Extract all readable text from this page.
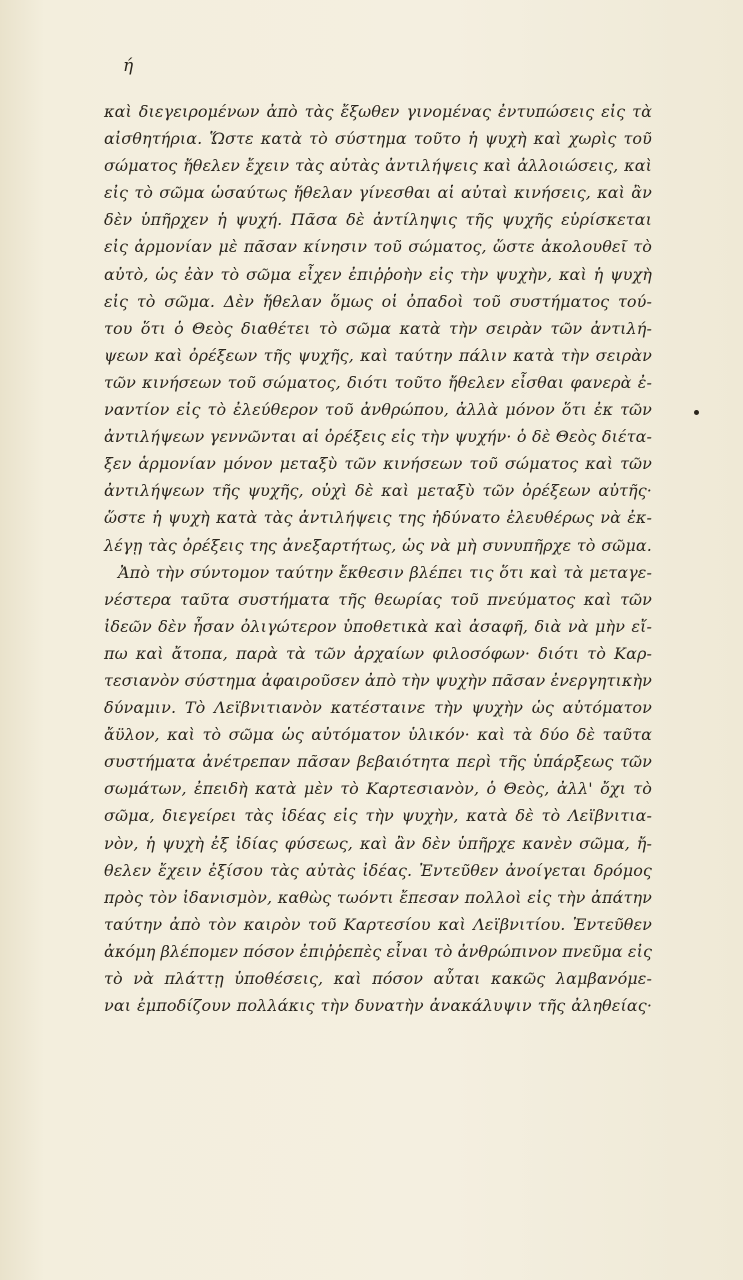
ή
καὶ διεγειρομένων ἀπὸ τὰς ἔξωθεν γινομένας ἐντυπώσεις εἰς τὰ
αἰσθητήρια. Ὥστε κατὰ τὸ σύστημα τοῦτο ἡ ψυχὴ καὶ χωρὶς τοῦ
σώματος ἤθελεν ἔχειν τὰς αὐτὰς ἀντιλήψεις καὶ ἀλλοιώσεις, καὶ
εἰς τὸ σῶμα ὡσαύτως ἤθελαν γίνεσθαι αἱ αὐταὶ κινήσεις, καὶ ἂν
δὲν ὑπῆρχεν ἡ ψυχή. Πᾶσα δὲ ἀντίληψις τῆς ψυχῆς εὑρίσκεται
εἰς ἁρμονίαν μὲ πᾶσαν κίνησιν τοῦ σώματος, ὥστε ἀκολουθεῖ τὸ
αὐτὸ, ὡς ἐὰν τὸ σῶμα εἶχεν ἐπιῤῥοὴν εἰς τὴν ψυχὴν, καὶ ἡ ψυχὴ
εἰς τὸ σῶμα. Δὲν ἤθελαν ὅμως οἱ ὀπαδοὶ τοῦ συστήματος τού-
του ὅτι ὁ Θεὸς διαθέτει τὸ σῶμα κατὰ τὴν σειρὰν τῶν ἀντιλή-
ψεων καὶ ὀρέξεων τῆς ψυχῆς, καὶ ταύτην πάλιν κατὰ τὴν σειρὰν
τῶν κινήσεων τοῦ σώματος, διότι τοῦτο ἤθελεν εἶσθαι φανερὰ ἐ-
ναντίον εἰς τὸ ἐλεύθερον τοῦ ἀνθρώπου, ἀλλὰ μόνον ὅτι ἐκ τῶν
ἀντιλήψεων γεννῶνται αἱ ὀρέξεις εἰς τὴν ψυχήν· ὁ δὲ Θεὸς διέτα-
ξεν ἁρμονίαν μόνον μεταξὺ τῶν κινήσεων τοῦ σώματος καὶ τῶν
ἀντιλήψεων τῆς ψυχῆς, οὐχὶ δὲ καὶ μεταξὺ τῶν ὀρέξεων αὐτῆς·
ὥστε ἡ ψυχὴ κατὰ τὰς ἀντιλήψεις της ἠδύνατο ἐλευθέρως νὰ ἐκ-
λέγῃ τὰς ὀρέξεις της ἀνεξαρτήτως, ὡς νὰ μὴ συνυπῆρχε τὸ σῶμα.
Ἀπὸ τὴν σύντομον ταύτην ἔκθεσιν βλέπει τις ὅτι καὶ τὰ μεταγε-
νέστερα ταῦτα συστήματα τῆς θεωρίας τοῦ πνεύματος καὶ τῶν
ἰδεῶν δὲν ἦσαν ὀλιγώτερον ὑποθετικὰ καὶ ἀσαφῆ, διὰ νὰ μὴν εἴ-
πω καὶ ἄτοπα, παρὰ τὰ τῶν ἀρχαίων φιλοσόφων· διότι τὸ Καρ-
τεσιανὸν σύστημα ἀφαιροῦσεν ἀπὸ τὴν ψυχὴν πᾶσαν ἐνεργητικὴν
δύναμιν. Τὸ Λεϊβνιτιανὸν κατέσταινε τὴν ψυχὴν ὡς αὐτόματον
ἄϋλον, καὶ τὸ σῶμα ὡς αὐτόματον ὑλικόν· καὶ τὰ δύο δὲ ταῦτα
συστήματα ἀνέτρεπαν πᾶσαν βεβαιότητα περὶ τῆς ὑπάρξεως τῶν
σωμάτων, ἐπειδὴ κατὰ μὲν τὸ Καρτεσιανὸν, ὁ Θεὸς, ἀλλ' ὄχι τὸ
σῶμα, διεγείρει τὰς ἰδέας εἰς τὴν ψυχὴν, κατὰ δὲ τὸ Λεϊβνιτια-
νὸν, ἡ ψυχὴ ἐξ ἰδίας φύσεως, καὶ ἂν δὲν ὑπῆρχε κανὲν σῶμα, ἤ-
θελεν ἔχειν ἐξίσου τὰς αὐτὰς ἰδέας. Ἐντεῦθεν ἀνοίγεται δρόμος
πρὸς τὸν ἰδανισμὸν, καθὼς τωόντι ἔπεσαν πολλοὶ εἰς τὴν ἀπάτην
ταύτην ἀπὸ τὸν καιρὸν τοῦ Καρτεσίου καὶ Λεϊβνιτίου. Ἐντεῦθεν
ἀκόμη βλέπομεν πόσον ἐπιῤῥεπὲς εἶναι τὸ ἀνθρώπινον πνεῦμα εἰς
τὸ νὰ πλάττῃ ὑποθέσεις, καὶ πόσον αὗται κακῶς λαμβανόμε-
ναι ἐμποδίζουν πολλάκις τὴν δυνατὴν ἀνακάλυψιν τῆς ἀληθείας·
